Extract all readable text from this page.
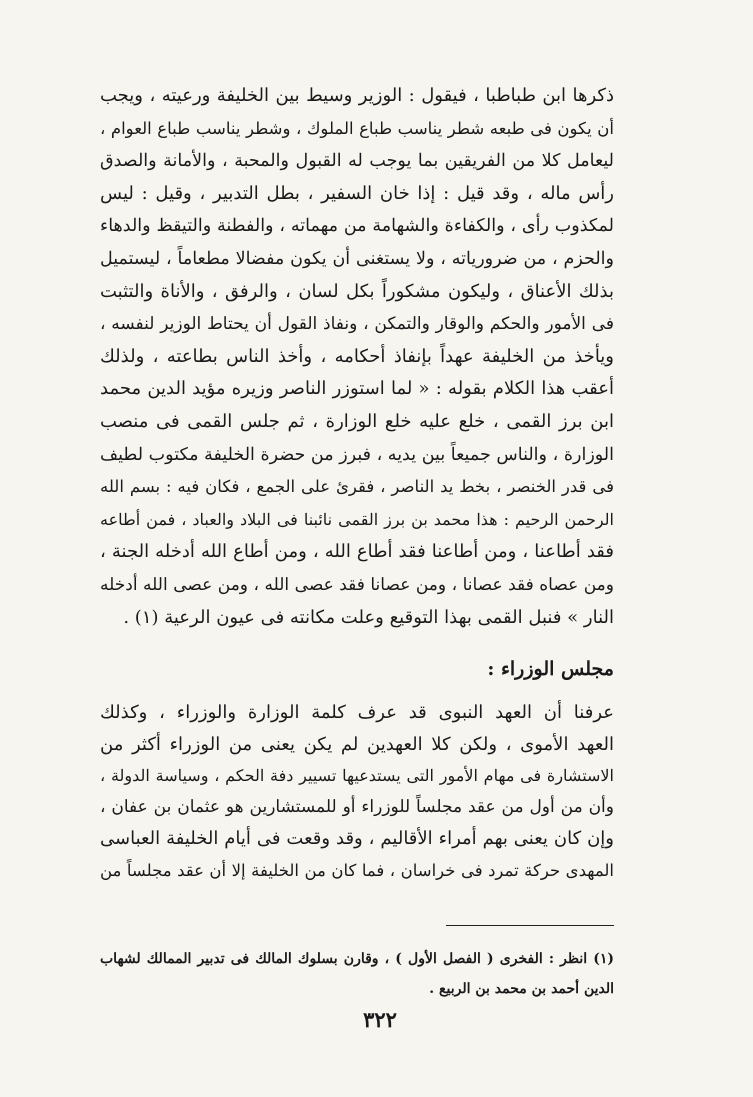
ذكرها ابن طباطبا ، فيقول : الوزير وسيط بين الخليفة ورعيته ، ويجب
أن يكون فى طبعه شطر يناسب طباع الملوك ، وشطر يناسب طباع العوام ،
ليعامل كلا من الفريقين بما يوجب له القبول والمحبة ، والأمانة والصدق
رأس ماله ، وقد قيل : إذا خان السفير ، بطل التدبير ، وقيل : ليس
لمكذوب رأى ، والكفاءة والشهامة من مهماته ، والفطنة والتيقظ والدهاء
والحزم ، من ضرورياته ، ولا يستغنى أن يكون مفضالا مطعاماً ، ليستميل
بذلك الأعناق ، وليكون مشكوراً بكل لسان ، والرفق ، والأناة والتثبت
فى الأمور والحكم والوقار والتمكن ، ونفاذ القول أن يحتاط الوزير لنفسه ،
ويأخذ من الخليفة عهداً بإنفاذ أحكامه ، وأخذ الناس بطاعته ، ولذلك
أعقب هذا الكلام بقوله : « لما استوزر الناصر وزيره مؤيد الدين محمد
ابن برز القمى ، خلع عليه خلع الوزارة ، ثم جلس القمى فى منصب
الوزارة ، والناس جميعاً بين يديه ، فبرز من حضرة الخليفة مكتوب لطيف
فى قدر الخنصر ، بخط يد الناصر ، فقرئ على الجمع ، فكان فيه : بسم الله
الرحمن الرحيم : هذا محمد بن برز القمى نائبنا فى البلاد والعباد ، فمن أطاعه
فقد أطاعنا ، ومن أطاعنا فقد أطاع الله ، ومن أطاع الله أدخله الجنة ،
ومن عصاه فقد عصانا ، ومن عصانا فقد عصى الله ، ومن عصى الله أدخله
النار » فنبل القمى بهذا التوقيع وعلت مكانته فى عيون الرعية (١) .
مجلس الوزراء :
عرفنا أن العهد النبوى قد عرف كلمة الوزارة والوزراء ، وكذلك
العهد الأموى ، ولكن كلا العهدين لم يكن يعنى من الوزراء أكثر من
الاستشارة فى مهام الأمور التى يستدعيها تسيير دفة الحكم ، وسياسة الدولة ،
وأن من أول من عقد مجلساً للوزراء أو للمستشارين هو عثمان بن عفان ،
وإن كان يعنى بهم أمراء الأقاليم ، وقد وقعت فى أيام الخليفة العباسى
المهدى حركة تمرد فى خراسان ، فما كان من الخليفة إلا أن عقد مجلساً من
(١) انظر : الفخرى ( الفصل الأول ) ، وقارن بسلوك المالك فى تدبير الممالك لشهاب
الدين أحمد بن محمد بن الربيع .
٣٢٢
